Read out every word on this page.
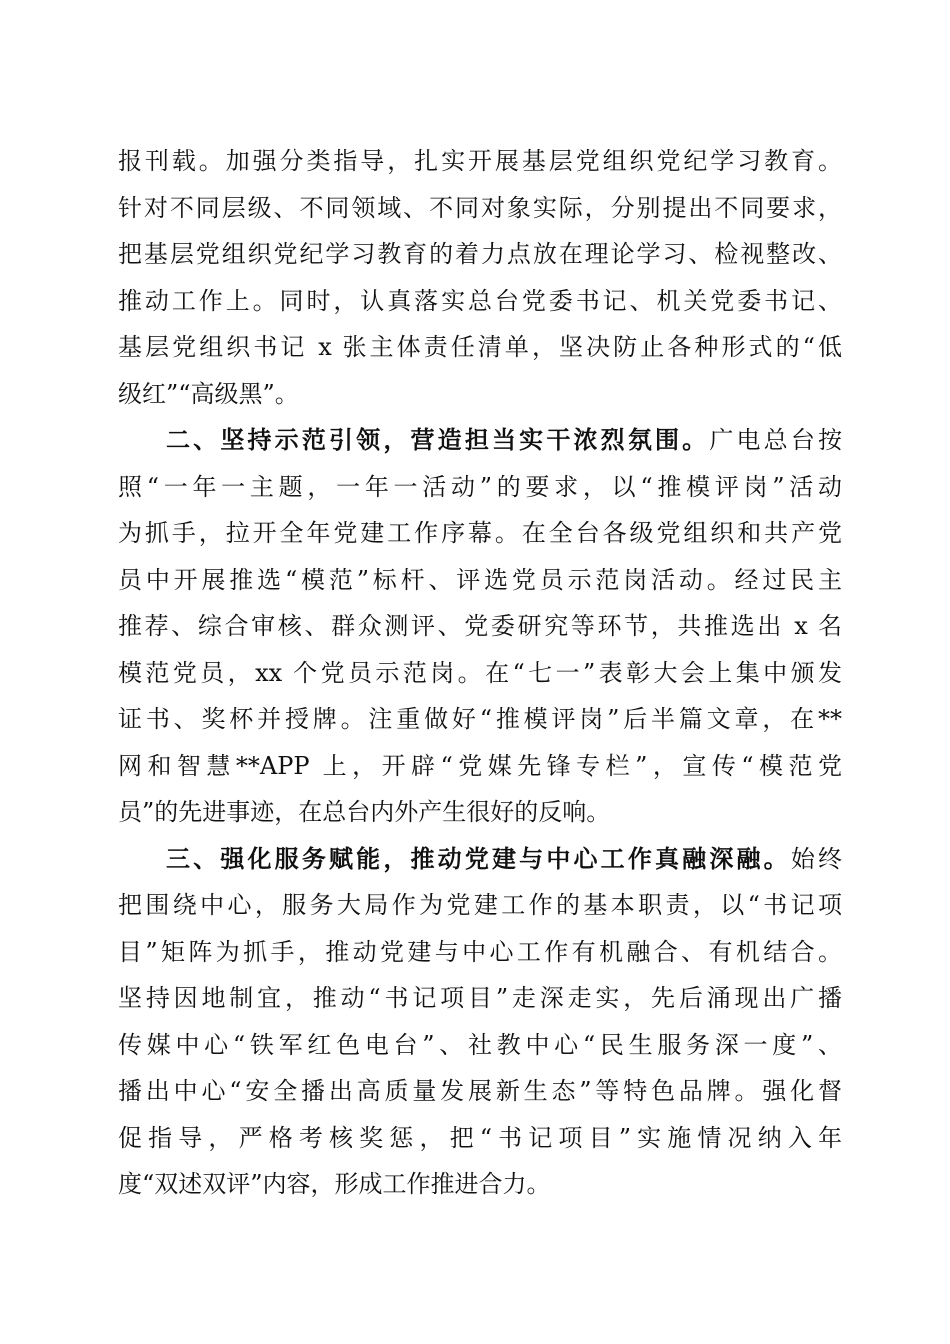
报刊载。加强分类指导，扎实开展基层党组织党纪学习教育。
针对不同层级、不同领域、不同对象实际，分别提出不同要求，
把基层党组织党纪学习教育的着力点放在理论学习、检视整改、
推动工作上。同时，认真落实总台党委书记、机关党委书记、
基层党组织书记 x 张主体责任清单，坚决防止各种形式的“低
级红”“高级黑”。
二、坚持示范引领，营造担当实干浓烈氛围。广电总台按
照“一年一主题，一年一活动”的要求，以“推模评岗”活动
为抓手，拉开全年党建工作序幕。在全台各级党组织和共产党
员中开展推选“模范”标杆、评选党员示范岗活动。经过民主
推荐、综合审核、群众测评、党委研究等环节，共推选出 x 名
模范党员，xx 个党员示范岗。在“七一”表彰大会上集中颁发
证书、奖杯并授牌。注重做好“推模评岗”后半篇文章，在**
网和智慧**APP 上，开辟“党媒先锋专栏”，宣传“模范党
员”的先进事迹，在总台内外产生很好的反响。
三、强化服务赋能，推动党建与中心工作真融深融。始终
把围绕中心，服务大局作为党建工作的基本职责，以“书记项
目”矩阵为抓手，推动党建与中心工作有机融合、有机结合。
坚持因地制宜，推动“书记项目”走深走实，先后涌现出广播
传媒中心“铁军红色电台”、社教中心“民生服务深一度”、
播出中心“安全播出高质量发展新生态”等特色品牌。强化督
促指导，严格考核奖惩，把“书记项目”实施情况纳入年
度“双述双评”内容，形成工作推进合力。
